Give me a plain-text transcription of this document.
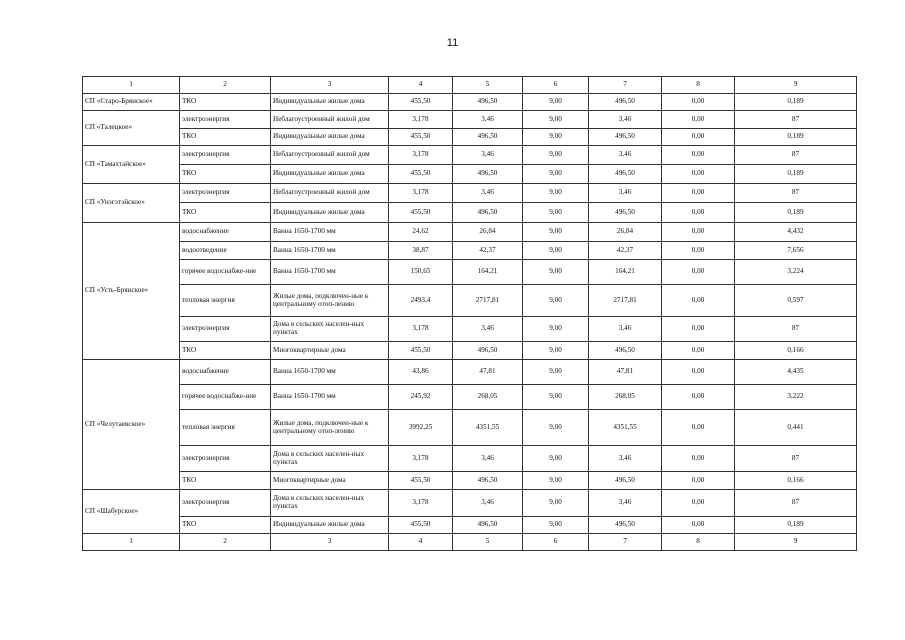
11
1	2	3	4	5	6	7	8	9
СП «Старо-Брянское»	ТКО	Индивидуальные жилые дома	455,50	496,50	9,00	496,50	0,00	0,189
СП «Талецкое»	электроэнергия	Неблагоустроенный жилой дом	3,178	3,46	9,00	3,46	0,00	87
	ТКО	Индивидуальные жилые дома	455,50	496,50	9,00	496,50	0,00	0,189
СП «Тамахтайское»	электроэнергия	Неблагоустроенный жилой дом	3,178	3,46	9,00	3,46	0,00	87
	ТКО	Индивидуальные жилые дома	455,50	496,50	9,00	496,50	0,00	0,189
СП «Унэгэтэйское»	электроэнергия	Неблагоустроенный жилой дом	3,178	3,46	9,00	3,46	0,00	87
	ТКО	Индивидуальные жилые дома	455,50	496,50	9,00	496,50	0,00	0,189
СП «Усть-Брянское»	водоснабжение	Ванна 1650-1700 мм	24,62	26,84	9,00	26,84	0,00	4,432
	водоотведение	Ванна 1650-1700 мм	38,87	42,37	9,00	42,37	0,00	7,656
	горячее водоснабже-ние	Ванна 1650-1700 мм	150,65	164,21	9,00	164,21	0,00	3,224
	тепловая энергия	Жилые дома, подключен-ные к центральному отоп-лению	2493,4	2717,81	9,00	2717,81	0,00	0,597
	электроэнергия	Дома в сельских населен-ных пунктах	3,178	3,46	9,00	3,46	0,00	87
	ТКО	Многоквартирные дома	455,50	496,50	9,00	496,50	0,00	0,166
СП «Челутаевское»	водоснабжение	Ванна 1650-1700 мм	43,86	47,81	9,00	47,81	0,00	4,435
	горячее водоснабже-ние	Ванна 1650-1700 мм	245,92	268,05	9,00	268,05	0,00	3,222
	тепловая энергия	Жилые дома, подключен-ные к центральному отоп-лению	3992,25	4351,55	9,00	4351,55	0,00	0,441
	электроэнергия	Дома в сельских населен-ных пунктах	3,178	3,46	9,00	3,46	0,00	87
	ТКО	Многоквартирные дома	455,50	496,50	9,00	496,50	0,00	0,166
СП «Шабурское»	электроэнергия	Дома в сельских населен-ных пунктах	3,178	3,46	9,00	3,46	0,00	87
	ТКО	Индивидуальные жилые дома	455,50	496,50	9,00	496,50	0,00	0,189
1	2	3	4	5	6	7	8	9
